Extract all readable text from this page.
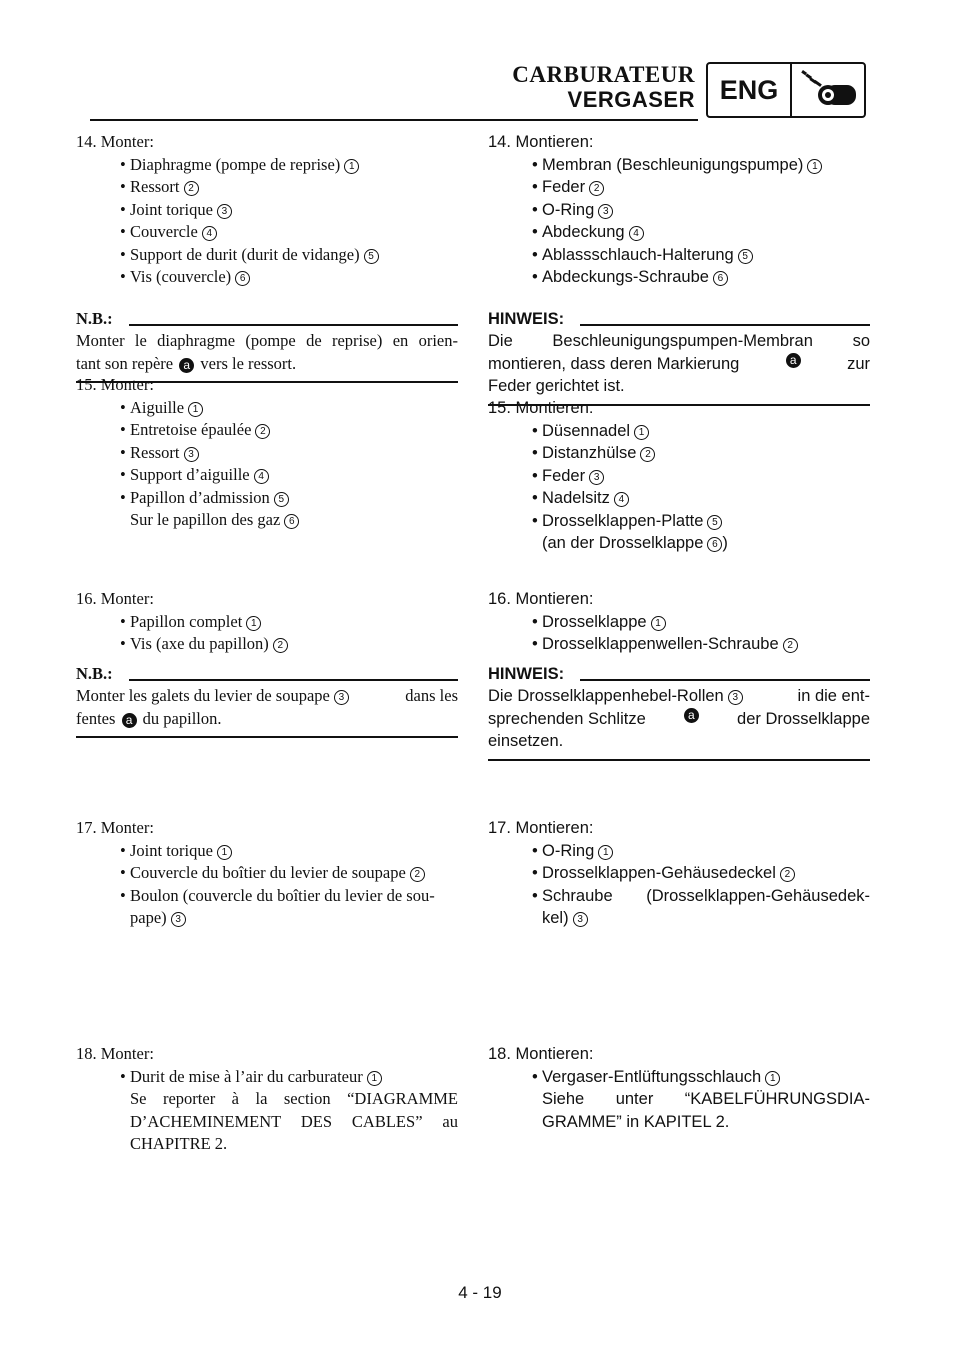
CARBURATEUR
VERGASER ENG
14. Monter:
• Diaphragme (pompe de reprise) 1
• Ressort 2
• Joint torique 3
• Couvercle 4
• Support de durit (durit de vidange) 5
• Vis (couvercle) 6
N.B.:
Monter le diaphragme (pompe de reprise) en orien-
tant son repère a vers le ressort.
15. Monter:
• Aiguille 1
• Entretoise épaulée 2
• Ressort 3
• Support d’aiguille 4
• Papillon d’admission 5
Sur le papillon des gaz 6
16. Monter:
• Papillon complet 1
• Vis (axe du papillon) 2
N.B.:
Monter les galets du levier de soupape 3	dans les
fentes a du papillon.
17. Monter:
• Joint torique 1
• Couvercle du boîtier du levier de soupape 2
• Boulon (couvercle du boîtier du levier de sou-
pape) 3
18. Monter:
• Durit de mise à l’air du carburateur 1
Se reporter à la section “DIAGRAMME
D’ACHEMINEMENT DES CABLES” au
CHAPITRE 2.
14. Montieren:
• Membran (Beschleunigungspumpe) 1
• Feder 2
• O-Ring 3
• Abdeckung 4
• Ablassschlauch-Halterung 5
• Abdeckungs-Schraube 6
HINWEIS:
Die Beschleunigungspumpen-Membran so
montieren, dass deren Markierung	a	zur
Feder gerichtet ist.
15. Montieren:
• Düsennadel 1
• Distanzhülse 2
• Feder 3
• Nadelsitz 4
• Drosselklappen-Platte 5
(an der Drosselklappe 6 )
16. Montieren:
• Drosselklappe 1
• Drosselklappenwellen-Schraube 2
HINWEIS:
Die Drosselklappenhebel-Rollen 3	in die ent-
sprechenden Schlitze	a	der Drosselklappe
einsetzen.
17. Montieren:
• O-Ring 1
• Drosselklappen-Gehäusedeckel 2
• Schraube (Drosselklappen-Gehäusedek-
kel) 3
18. Montieren:
• Vergaser-Entlüftungsschlauch 1
Siehe unter “KABELFÜHRUNGSDIA-
GRAMME” in KAPITEL 2.
4 - 19
